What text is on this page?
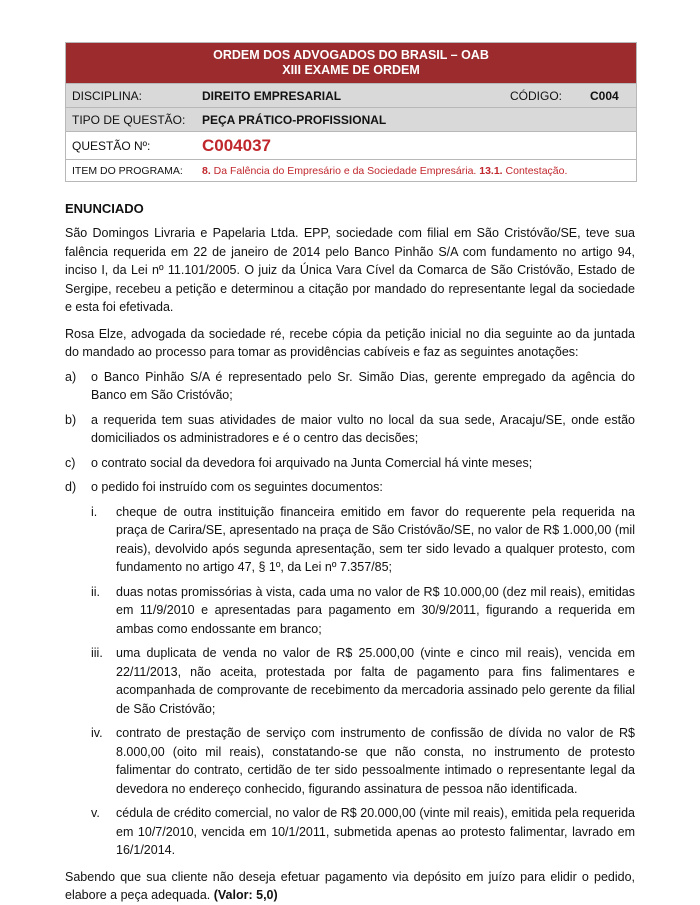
ORDEM DOS ADVOGADOS DO BRASIL – OAB
XIII EXAME DE ORDEM
DISCIPLINA:	DIREITO EMPRESARIAL	CÓDIGO:	C004
TIPO DE QUESTÃO:	PEÇA PRÁTICO-PROFISSIONAL
QUESTÃO Nº:	C004037
ITEM DO PROGRAMA:	8. Da Falência do Empresário e da Sociedade Empresária. 13.1. Contestação.
ENUNCIADO

São Domingos Livraria e Papelaria Ltda. EPP, sociedade com filial em São Cristóvão/SE, teve sua falência requerida em 22 de janeiro de 2014 pelo Banco Pinhão S/A com fundamento no artigo 94, inciso I, da Lei nº 11.101/2005. O juiz da Única Vara Cível da Comarca de São Cristóvão, Estado de Sergipe, recebeu a petição e determinou a citação por mandado do representante legal da sociedade e esta foi efetivada.

Rosa Elze, advogada da sociedade ré, recebe cópia da petição inicial no dia seguinte ao da juntada do mandado ao processo para tomar as providências cabíveis e faz as seguintes anotações:

a)	o Banco Pinhão S/A é representado pelo Sr. Simão Dias, gerente empregado da agência do Banco em São Cristóvão;
b)	a requerida tem suas atividades de maior vulto no local da sua sede, Aracaju/SE, onde estão domiciliados os administradores e é o centro das decisões;
c)	o contrato social da devedora foi arquivado na Junta Comercial há vinte meses;
d)	o pedido foi instruído com os seguintes documentos:
i.	cheque de outra instituição financeira emitido em favor do requerente pela requerida na praça de Carira/SE, apresentado na praça de São Cristóvão/SE, no valor de R$ 1.000,00 (mil reais), devolvido após segunda apresentação, sem ter sido levado a qualquer protesto, com fundamento no artigo 47, § 1º, da Lei nº 7.357/85;
ii.	duas notas promissórias à vista, cada uma no valor de R$ 10.000,00 (dez mil reais), emitidas em 11/9/2010 e apresentadas para pagamento em 30/9/2011, figurando a requerida em ambas como endossante em branco;
iii.	uma duplicata de venda no valor de R$ 25.000,00 (vinte e cinco mil reais), vencida em 22/11/2013, não aceita, protestada por falta de pagamento para fins falimentares e acompanhada de comprovante de recebimento da mercadoria assinado pelo gerente da filial de São Cristóvão;
iv.	contrato de prestação de serviço com instrumento de confissão de dívida no valor de R$ 8.000,00 (oito mil reais), constatando-se que não consta, no instrumento de protesto falimentar do contrato, certidão de ter sido pessoalmente intimado o representante legal da devedora no endereço conhecido, figurando assinatura de pessoa não identificada.
v.	cédula de crédito comercial, no valor de R$ 20.000,00 (vinte mil reais), emitida pela requerida em 10/7/2010, vencida em 10/1/2011, submetida apenas ao protesto falimentar, lavrado em 16/1/2014.

Sabendo que sua cliente não deseja efetuar pagamento via depósito em juízo para elidir o pedido, elabore a peça adequada. (Valor: 5,0)
